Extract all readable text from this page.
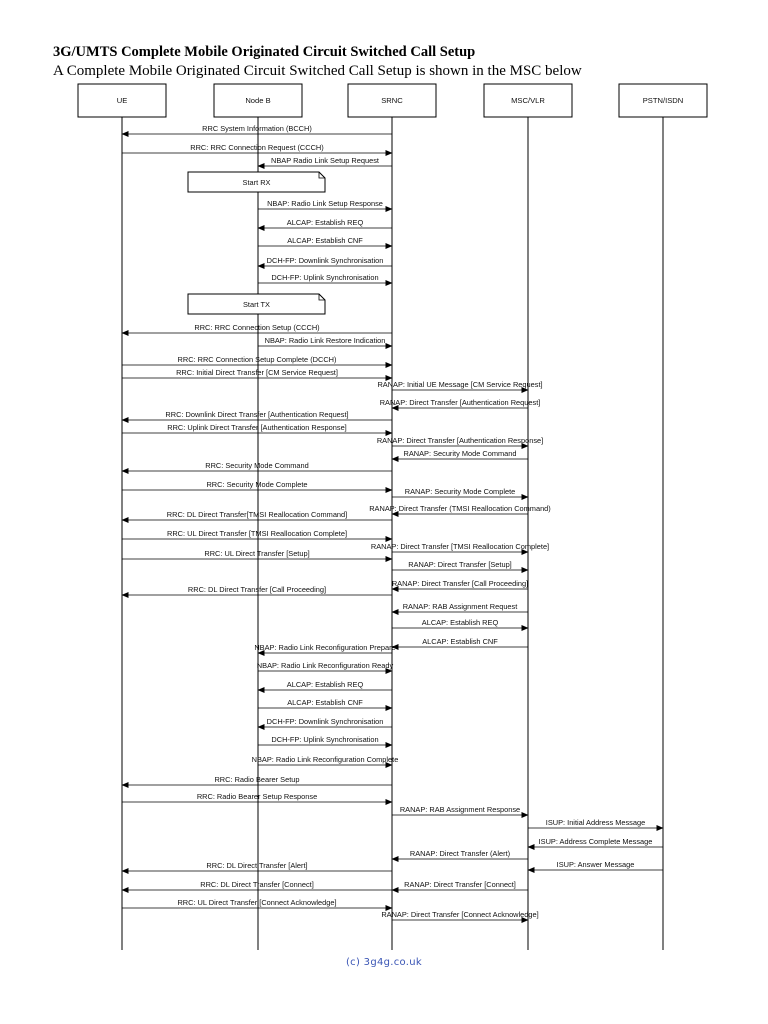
3G/UMTS Complete Mobile Originated Circuit Switched Call Setup
A Complete Mobile Originated Circuit Switched Call Setup is shown in the MSC below
UE	Node B	SRNC	MSC/VLR	PSTN/ISDN
Start RX
Start TX
RRC System Information (BCCH)
RRC: RRC Connection Request (CCCH)
NBAP Radio Link Setup Request
NBAP: Radio Link Setup Response
ALCAP: Establish REQ
ALCAP: Establish CNF
DCH-FP: Downlink Synchronisation
DCH-FP: Uplink Synchronisation
RRC: RRC Connection Setup (CCCH)
NBAP: Radio Link Restore Indication
RRC: RRC Connection Setup Complete (DCCH)
RRC: Initial Direct Transfer [CM Service Request]
RANAP: Initial UE Message [CM Service Request]
RANAP: Direct Transfer [Authentication Request]
RRC: Downlink Direct Transfer [Authentication Request]
RRC: Uplink Direct Transfer [Authentication Response]
RANAP: Direct Transfer [Authentication Response]
RANAP: Security Mode Command
RRC: Security Mode Command
RRC: Security Mode Complete
RANAP: Security Mode Complete
RANAP: Direct Transfer (TMSI Reallocation Command)
RRC: DL Direct Transfer[TMSI Reallocation Command]
RRC: UL Direct Transfer [TMSI Reallocation Complete]
RANAP: Direct Transfer [TMSI Reallocation Complete]
RRC: UL Direct Transfer [Setup]
RANAP: Direct Transfer [Setup]
RANAP: Direct Transfer [Call Proceeding]
RRC: DL Direct Transfer [Call Proceeding]
RANAP: RAB Assignment Request
ALCAP: Establish REQ
ALCAP: Establish CNF
NBAP: Radio Link Reconfiguration Prepare
NBAP: Radio Link Reconfiguration Ready
ALCAP: Establish REQ
ALCAP: Establish CNF
DCH-FP: Downlink Synchronisation
DCH-FP: Uplink Synchronisation
NBAP: Radio Link Reconfiguration Complete
RRC: Radio Bearer Setup
RRC: Radio Bearer Setup Response
RANAP: RAB Assignment Response
ISUP: Initial Address Message
ISUP: Address Complete Message
RANAP: Direct Transfer (Alert)
ISUP: Answer Message
RRC: DL Direct Transfer [Alert]
RANAP: Direct Transfer [Connect]
RRC: DL Direct Transfer [Connect]
RRC: UL Direct Transfer [Connect Acknowledge]
RANAP: Direct Transfer [Connect Acknowledge]
(c) 3g4g.co.uk
